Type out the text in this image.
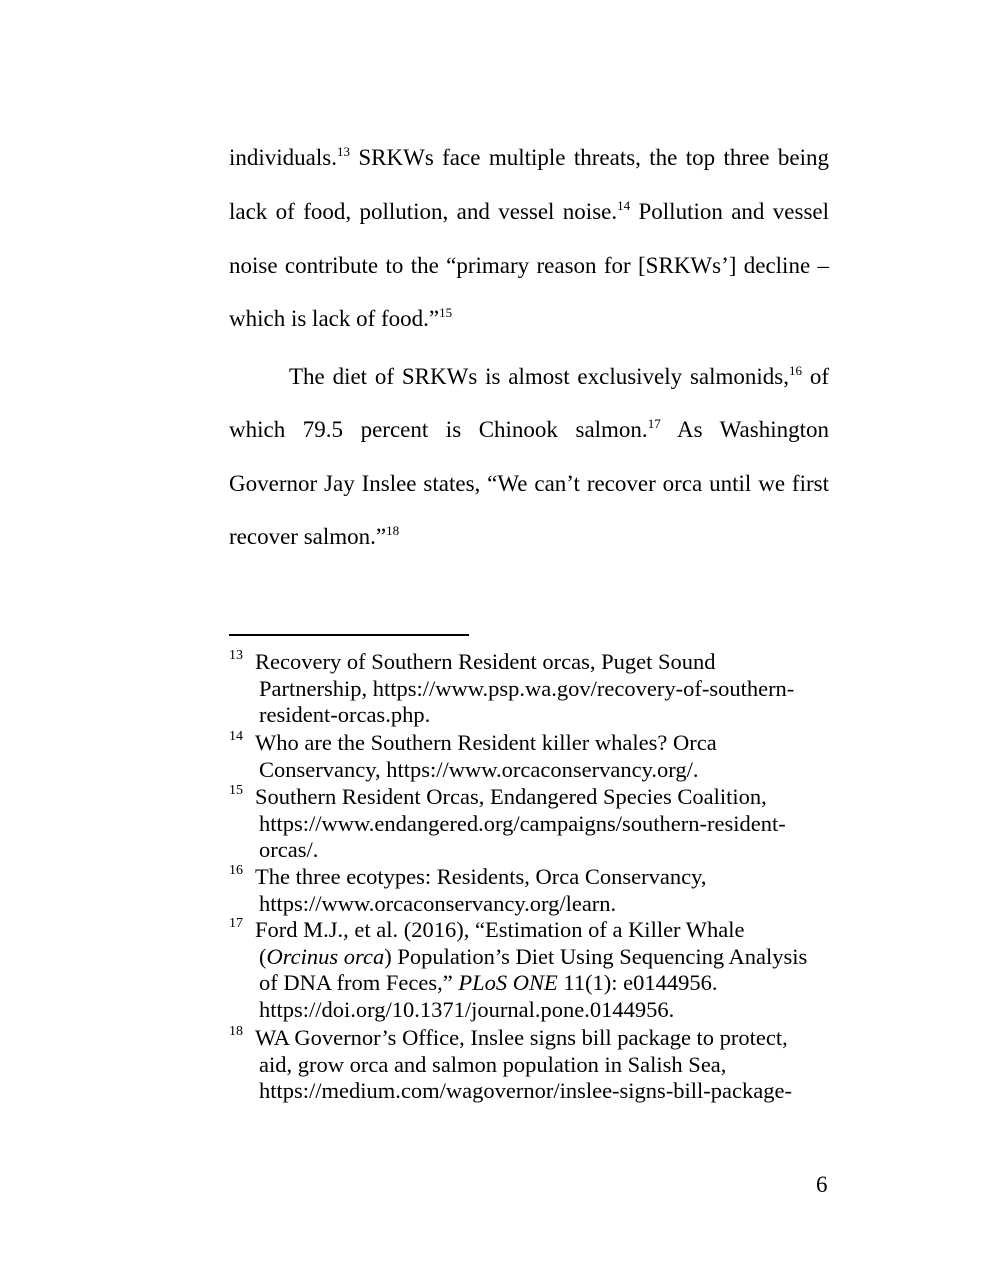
individuals.$^{13}$ SRKWs face multiple threats, the top three being
lack of food, pollution, and vessel noise.$^{14}$ Pollution and vessel
noise contribute to the “primary reason for [SRKWs’] decline –
which is lack of food.”$^{15}$
The diet of SRKWs is almost exclusively salmonids,$^{16}$ of
which 79.5 percent is Chinook salmon.$^{17}$ As Washington
Governor Jay Inslee states, “We can’t recover orca until we first
recover salmon.”$^{18}$
13 Recovery of Southern Resident orcas, Puget Sound
Partnership, https://www.psp.wa.gov/recovery-of-southern-
resident-orcas.php.
14 Who are the Southern Resident killer whales? Orca
Conservancy, https://www.orcaconservancy.org/.
15 Southern Resident Orcas, Endangered Species Coalition,
https://www.endangered.org/campaigns/southern-resident-
orcas/.
16 The three ecotypes: Residents, Orca Conservancy,
https://www.orcaconservancy.org/learn.
17 Ford M.J., et al. (2016), “Estimation of a Killer Whale
(Orcinus orca) Population’s Diet Using Sequencing Analysis
of DNA from Feces,” PLoS ONE 11(1): e0144956.
https://doi.org/10.1371/journal.pone.0144956.
18 WA Governor’s Office, Inslee signs bill package to protect,
aid, grow orca and salmon population in Salish Sea,
https://medium.com/wagovernor/inslee-signs-bill-package-
6
